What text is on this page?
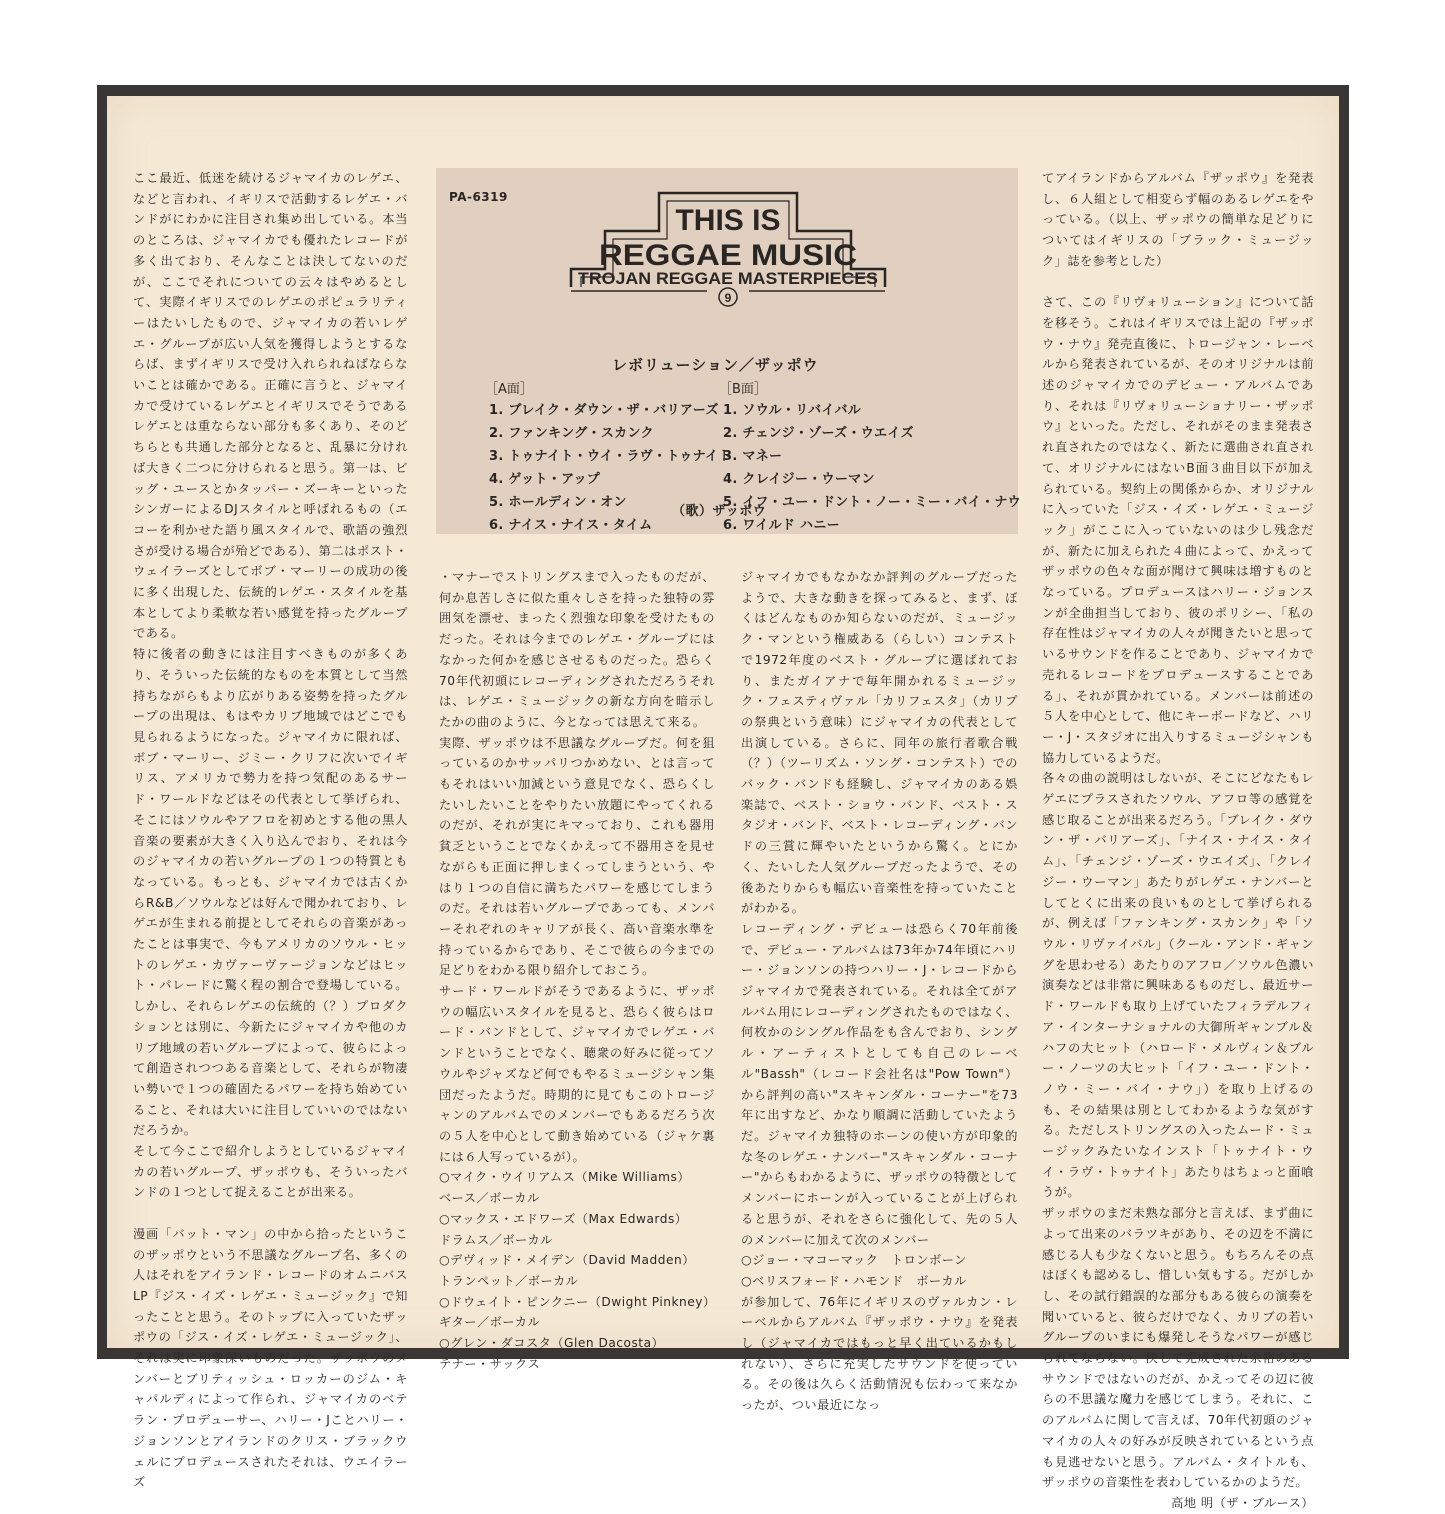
ここ最近、低迷を続けるジャマイカのレゲエ、などと言われ、イギリスで活動するレゲエ・バンドがにわかに注目され集め出している。本当のところは、ジャマイカでも優れたレコードが多く出ており、そんなことは決してないのだが、ここでそれについての云々はやめるとして、実際イギリスでのレゲエのポピュラリティーはたいしたもので、ジャマイカの若いレゲエ・グループが広い人気を獲得しようとするならば、まずイギリスで受け入れられねばならないことは確かである。正確に言うと、ジャマイカで受けているレゲエとイギリスでそうであるレゲエとは重ならない部分も多くあり、そのどちらとも共通した部分となると、乱暴に分ければ大きく二つに分けられると思う。第一は、ビッグ・ユースとかタッパー・ズーキーといったシンガーによるDJスタイルと呼ばれるもの（エコーを利かせた語り風スタイルで、歌語の強烈さが受ける場合が殆どである）、第二はポスト・ウェイラーズとしてボブ・マーリーの成功の後に多く出現した、伝統的レゲエ・スタイルを基本としてより柔軟な若い感覚を持ったグループである。

特に後者の動きには注目すべきものが多くあり、そういった伝統的なものを本質として当然持ちながらもより広がりある姿勢を持ったグループの出現は、もはやカリブ地域ではどこでも見られるようになった。ジャマイカに限れば、ボブ・マーリー、ジミー・クリフに次いでイギリス、アメリカで勢力を持つ気配のあるサード・ワールドなどはその代表として挙げられ、そこにはソウルやアフロを初めとする他の黒人音楽の要素が大きく入り込んでおり、それは今のジャマイカの若いグループの１つの特質ともなっている。もっとも、ジャマイカでは古くからR&B／ソウルなどは好んで聞かれており、レゲエが生まれる前提としてそれらの音楽があったことは事実で、今もアメリカのソウル・ヒットのレゲエ・カヴァーヴァージョンなどはヒット・パレードに驚く程の割合で登場している。しかし、それらレゲエの伝統的（？）プロダクションとは別に、今新たにジャマイカや他のカリブ地域の若いグループによって、彼らによって創造されつつある音楽として、それらが物凄い勢いで１つの確固たるパワーを持ち始めていること、それは大いに注目していいのではないだろうか。

そして今ここで紹介しようとしているジャマイカの若いグループ、ザッポウも、そういったバンドの１つとして捉えることが出来る。

漫画「バット・マン」の中から拾ったというこのザッポウという不思議なグループ名、多くの人はそれをアイランド・レコードのオムニバスLP『ジス・イズ・レゲエ・ミュージック』で知ったことと思う。そのトップに入っていたザッポウの「ジス・イズ・レゲエ・ミュージック」、それは実に印象深いものだった。ザッポウのメンバーとブリティッシュ・ロッカーのジム・キャパルディによって作られ、ジャマイカのベテラン・プロデューサー、ハリー・Jことハリー・ジョンソンとアイランドのクリス・ブラックウェルにプロデュースされたそれは、ウエイラーズ

PA-6319
THIS IS
REGGAE MUSIC
TROJAN REGGAE MASTERPIECES
9
レボリューション／ザッポウ
［A面］	［B面］
1. ブレイク・ダウン・ザ・バリアーズ
2. ファンキング・スカンク
3. トゥナイト・ウイ・ラヴ・トゥナイト
4. ゲット・アップ
5. ホールディン・オン
6. ナイス・ナイス・タイム
1. ソウル・リバイバル
2. チェンジ・ゾーズ・ウエイズ
3. マネー
4. クレイジー・ウーマン
5. イフ・ユー・ドント・ノー・ミー・バイ・ナウ
6. ワイルド ハニー
（歌）ザッポウ

・マナーでストリングスまで入ったものだが、何か息苦しさに似た重々しさを持った独特の雰囲気を漂せ、まったく烈強な印象を受けたものだった。それは今までのレゲエ・グループにはなかった何かを感じさせるものだった。恐らく70年代初頭にレコーディングされただろうそれは、レゲエ・ミュージックの新な方向を暗示したかの曲のように、今となっては思えて来る。

実際、ザッポウは不思議なグループだ。何を狙っているのかサッパリつかめない、とは言ってもそれはいい加減という意見でなく、恐らくしたいしたいことをやりたい放題にやってくれるのだが、それが実にキマっており、これも器用貧乏ということでなくかえって不器用さを見せながらも正面に押しまくってしまうという、やはり１つの自信に満ちたパワーを感じてしまうのだ。それは若いグループであっても、メンバーそれぞれのキャリアが長く、高い音楽水準を持っているからであり、そこで彼らの今までの足どりをわかる限り紹介しておこう。

サード・ワールドがそうであるように、ザッポウの幅広いスタイルを見ると、恐らく彼らはロード・バンドとして、ジャマイカでレゲエ・バンドということでなく、聴衆の好みに従ってソウルやジャズなど何でもやるミュージシャン集団だったようだ。時期的に見てもこのトロージャンのアルバムでのメンバーでもあるだろう次の５人を中心として動き始めている（ジャケ裏には６人写っているが）。

○マイク・ウイリアムス（Mike Williams）

ベース／ボーカル

○マックス・エドワーズ（Max Edwards）

ドラムス／ボーカル

○デヴィッド・メイデン（David Madden）

トランペット／ボーカル

○ドウェイト・ピンクニー（Dwight Pinkney）

ギター／ボーカル

○グレン・ダコスタ（Glen Dacosta）

テナー・サックス

ジャマイカでもなかなか評判のグループだったようで、大きな動きを探ってみると、まず、ぼくはどんなものか知らないのだが、ミュージック・マンという権威ある（らしい）コンテストで1972年度のベスト・グループに選ばれており、またガイアナで毎年開かれるミュージック・フェスティヴァル「カリフェスタ」（カリプの祭典という意味）にジャマイカの代表として出演している。さらに、同年の旅行者歌合戦（？）（ツーリズム・ソング・コンテスト）でのバック・バンドも経験し、ジャマイカのある娯楽誌で、ベスト・ショウ・バンド、ベスト・スタジオ・バンド、ベスト・レコーディング・バンドの三賞に輝やいたというから驚く。とにかく、たいした人気グループだったようで、その後あたりからも幅広い音楽性を持っていたことがわかる。

レコーディング・デビューは恐らく70年前後で、デビュー・アルバムは73年か74年頃にハリー・ジョンソンの持つハリー・J・レコードからジャマイカで発表されている。それは全てがアルバム用にレコーディングされたものではなく、何枚かのシングル作品をも含んでおり、シングル・アーティストとしても自己のレーベル"Bassh"（レコード会社名は"Pow Town"）から評判の高い"スキャンダル・コーナー"を73年に出すなど、かなり順調に活動していたようだ。ジャマイカ独特のホーンの使い方が印象的な冬のレゲエ・ナンバー"スキャンダル・コーナー"からもわかるように、ザッポウの特徴としてメンバーにホーンが入っていることが上げられると思うが、それをさらに強化して、先の５人のメンバーに加えて次のメンバー

○ジョー・マコーマック　トロンボーン

○ベリスフォード・ハモンド　ボーカル

が参加して、76年にイギリスのヴァルカン・レーベルからアルバム『ザッポウ・ナウ』を発表し（ジャマイカではもっと早く出ているかもしれない）、さらに充実したサウンドを使っている。その後は久らく活動情況も伝わって来なかったが、つい最近になっ

てアイランドからアルバム『ザッポウ』を発表し、６人組として相変らず幅のあるレゲエをやっている。（以上、ザッポウの簡単な足どりについてはイギリスの「ブラック・ミュージック」誌を参考とした）

さて、この『リヴォリューション』について話を移そう。これはイギリスでは上記の『ザッポウ・ナウ』発売直後に、トロージャン・レーベルから発表されているが、そのオリジナルは前述のジャマイカでのデビュー・アルバムであり、それは『リヴォリューショナリー・ザッポウ』といった。ただし、それがそのまま発表され直されたのではなく、新たに選曲され直されて、オリジナルにはないB面３曲目以下が加えられている。契約上の関係からか、オリジナルに入っていた「ジス・イズ・レゲエ・ミュージック」がここに入っていないのは少し残念だが、新たに加えられた４曲によって、かえってザッポウの色々な面が聞けて興味は増すものとなっている。プロデュースはハリー・ジョンスンが全曲担当しており、彼のポリシー、「私の存在性はジャマイカの人々が聞きたいと思っているサウンドを作ることであり、ジャマイカで売れるレコードをプロデュースすることである」、それが貫かれている。メンバーは前述の５人を中心として、他にキーボードなど、ハリー・J・スタジオに出入りするミュージシャンも協力しているようだ。

各々の曲の説明はしないが、そこにどなたもレゲエにプラスされたソウル、アフロ等の感覚を感じ取ることが出来るだろう。「ブレイク・ダウン・ザ・バリアーズ」、「ナイス・ナイス・タイム」、「チェンジ・ゾーズ・ウエイズ」、「クレイジー・ウーマン」あたりがレゲエ・ナンバーとしてとくに出来の良いものとして挙げられるが、例えば「ファンキング・スカンク」や「ソウル・リヴァイバル」（クール・アンド・ギャングを思わせる）あたりのアフロ／ソウル色濃い演奏などは非常に興味あるものだし、最近サード・ワールドも取り上げていたフィラデルフィア・インターナショナルの大御所ギャンブル＆ハフの大ヒット（ハロード・メルヴィン＆ブルー・ノーツの大ヒット「イフ・ユー・ドント・ノウ・ミー・バイ・ナウ」）を取り上げるのも、その結果は別としてわかるような気がする。ただしストリングスの入ったムード・ミュージックみたいなインスト「トゥナイト・ウイ・ラヴ・トゥナイト」あたりはちょっと面喰うが。

ザッポウのまだ未熟な部分と言えば、まず曲によって出来のバラツキがあり、その辺を不満に感じる人も少なくないと思う。もちろんその点はぼくも認めるし、惜しい気もする。だがしかし、その試行錯誤的な部分もある彼らの演奏を聞いていると、彼らだけでなく、カリブの若いグループのいまにも爆発しそうなパワーが感じられてならない。決して完成された余裕のあるサウンドではないのだが、かえってその辺に彼らの不思議な魔力を感じてしまう。それに、このアルバムに関して言えば、70年代初頭のジャマイカの人々の好みが反映されているという点も見逃せないと思う。アルバム・タイトルも、ザッポウの音楽性を表わしているかのようだ。

高地 明（ザ・ブルース）
